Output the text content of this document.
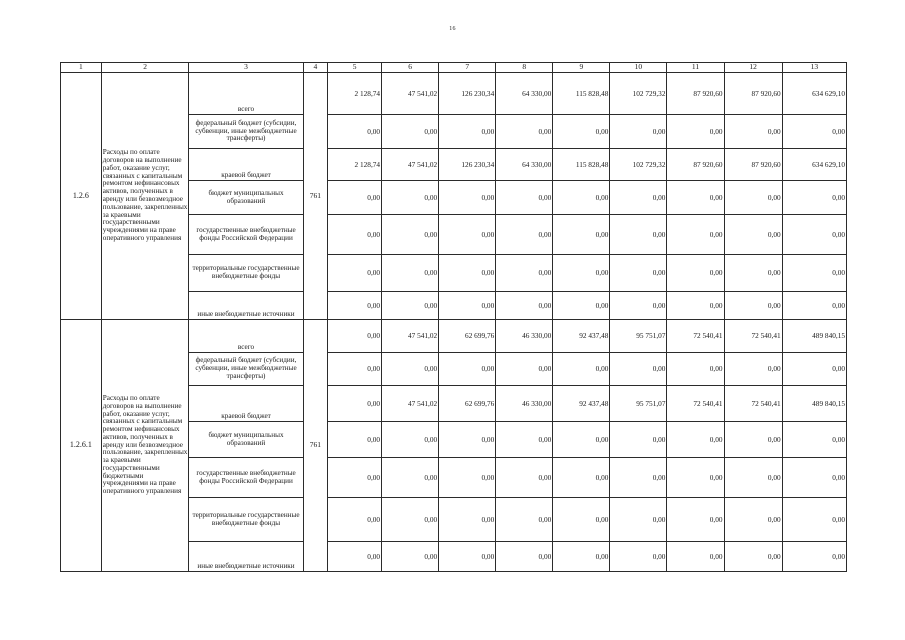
16
1	2	3	4	5	6	7	8	9	10	11	12	13
1.2.6	Расходы по оплате договоров на выполнение работ, оказание услуг, связанных с капитальным ремонтом нефинансовых активов, полученных в аренду или безвозмездное пользование, закрепленных за краевыми государственными учреждениями на праве оперативного управления	всего	761	2 128,74	47 541,02	126 230,34	64 330,00	115 828,48	102 729,32	87 920,60	87 920,60	634 629,10
		федеральный бюджет (субсидии, субвенции, иные межбюджетные трансферты)		0,00	0,00	0,00	0,00	0,00	0,00	0,00	0,00	0,00
		краевой бюджет		2 128,74	47 541,02	126 230,34	64 330,00	115 828,48	102 729,32	87 920,60	87 920,60	634 629,10
		бюджет муниципальных образований		0,00	0,00	0,00	0,00	0,00	0,00	0,00	0,00	0,00
		государственные внебюджетные фонды Российской Федерации		0,00	0,00	0,00	0,00	0,00	0,00	0,00	0,00	0,00
		территориальные государственные внебюджетные фонды		0,00	0,00	0,00	0,00	0,00	0,00	0,00	0,00	0,00
		иные внебюджетные источники		0,00	0,00	0,00	0,00	0,00	0,00	0,00	0,00	0,00
1.2.6.1	Расходы по оплате договоров на выполнение работ, оказание услуг, связанных с капитальным ремонтом нефинансовых активов, полученных в аренду или безвозмездное пользование, закрепленных за краевыми государственными бюджетными учреждениями на праве оперативного управления	всего	761	0,00	47 541,02	62 699,76	46 330,00	92 437,48	95 751,07	72 540,41	72 540,41	489 840,15
		федеральный бюджет (субсидии, субвенции, иные межбюджетные трансферты)		0,00	0,00	0,00	0,00	0,00	0,00	0,00	0,00	0,00
		краевой бюджет		0,00	47 541,02	62 699,76	46 330,00	92 437,48	95 751,07	72 540,41	72 540,41	489 840,15
		бюджет муниципальных образований		0,00	0,00	0,00	0,00	0,00	0,00	0,00	0,00	0,00
		государственные внебюджетные фонды Российской Федерации		0,00	0,00	0,00	0,00	0,00	0,00	0,00	0,00	0,00
		территориальные государственные внебюджетные фонды		0,00	0,00	0,00	0,00	0,00	0,00	0,00	0,00	0,00
		иные внебюджетные источники		0,00	0,00	0,00	0,00	0,00	0,00	0,00	0,00	0,00
